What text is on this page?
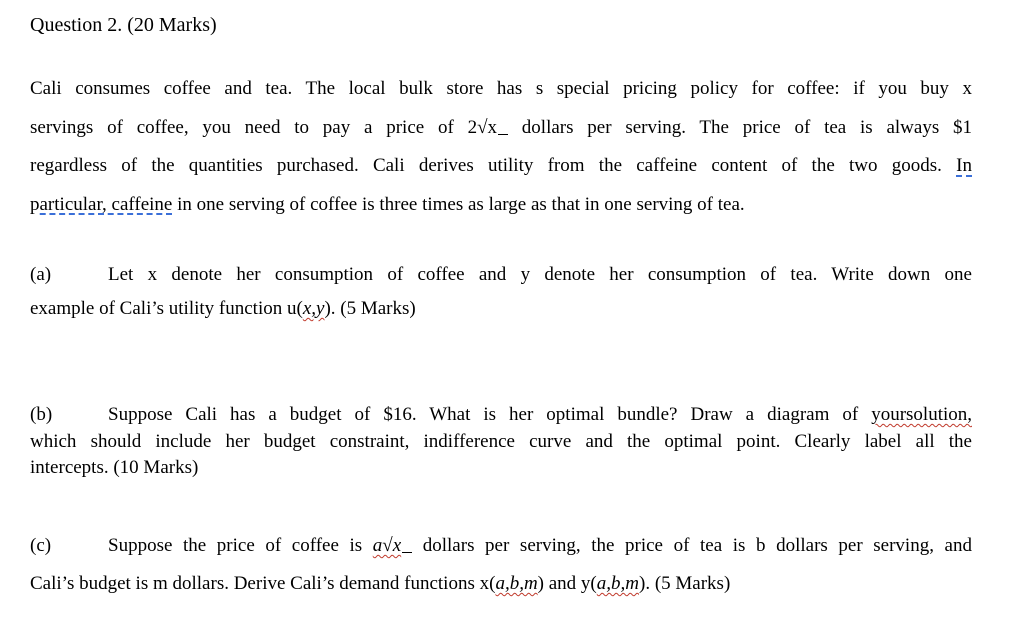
Question 2. (20 Marks)
Cali consumes coffee and tea. The local bulk store has s special pricing policy for coffee: if you buy x
servings of coffee, you need to pay a price of 2√x dollars per serving. The price of tea is always $1
regardless of the quantities purchased. Cali derives utility from the caffeine content of the two goods. In
particular, caffeine in one serving of coffee is three times as large as that in one serving of tea.
(a)	Let x denote her consumption of coffee and y denote her consumption of tea. Write down one
example of Cali’s utility function u(x,y). (5 Marks)
(b)	Suppose Cali has a budget of $16. What is her optimal bundle? Draw a diagram of yoursolution,
which should include her budget constraint, indifference curve and the optimal point. Clearly label all the
intercepts. (10 Marks)
(c)	Suppose the price of coffee is a√x dollars per serving, the price of tea is b dollars per serving, and
Cali’s budget is m dollars. Derive Cali’s demand functions x(a,b,m) and y(a,b,m). (5 Marks)
